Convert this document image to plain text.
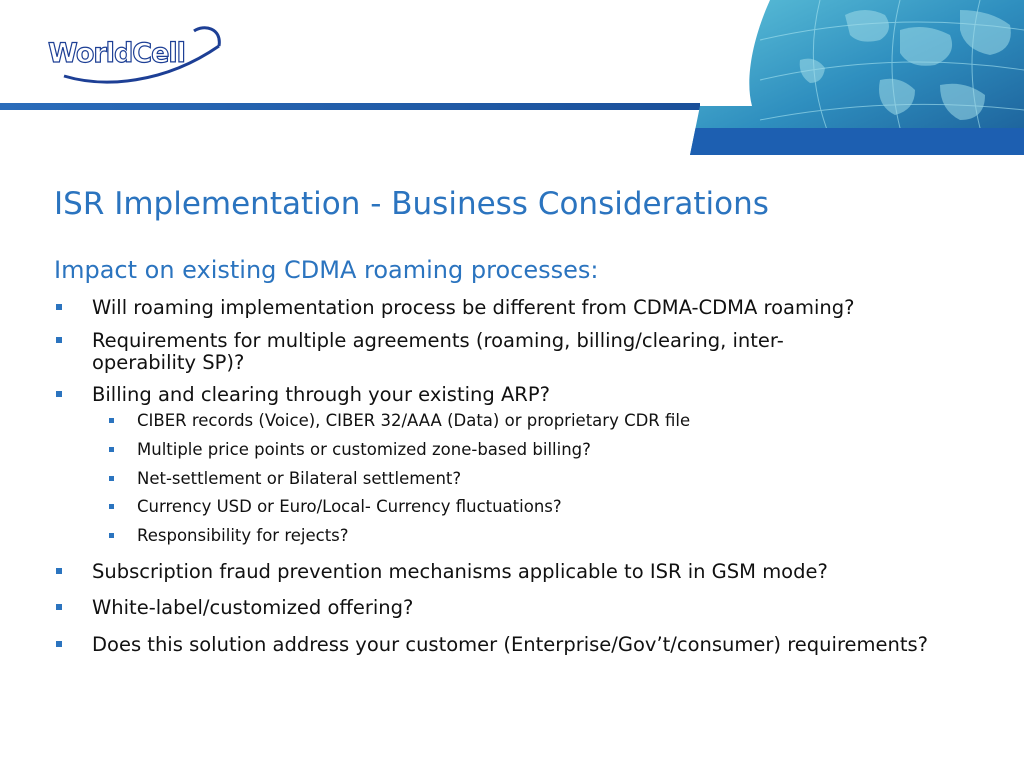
WorldCell
ISR Implementation - Business Considerations
Impact on existing CDMA roaming processes:
Will roaming implementation process be different from CDMA-CDMA roaming?
Requirements for multiple agreements (roaming, billing/clearing, inter-operability SP)?
Billing and clearing through your existing ARP?
CIBER records (Voice), CIBER 32/AAA (Data) or proprietary CDR file
Multiple price points or customized zone-based billing?
Net-settlement or Bilateral settlement?
Currency USD or Euro/Local- Currency fluctuations?
Responsibility for rejects?
Subscription fraud prevention mechanisms applicable to ISR in GSM mode?
White-label/customized offering?
Does this solution address your customer (Enterprise/Gov’t/consumer) requirements?
